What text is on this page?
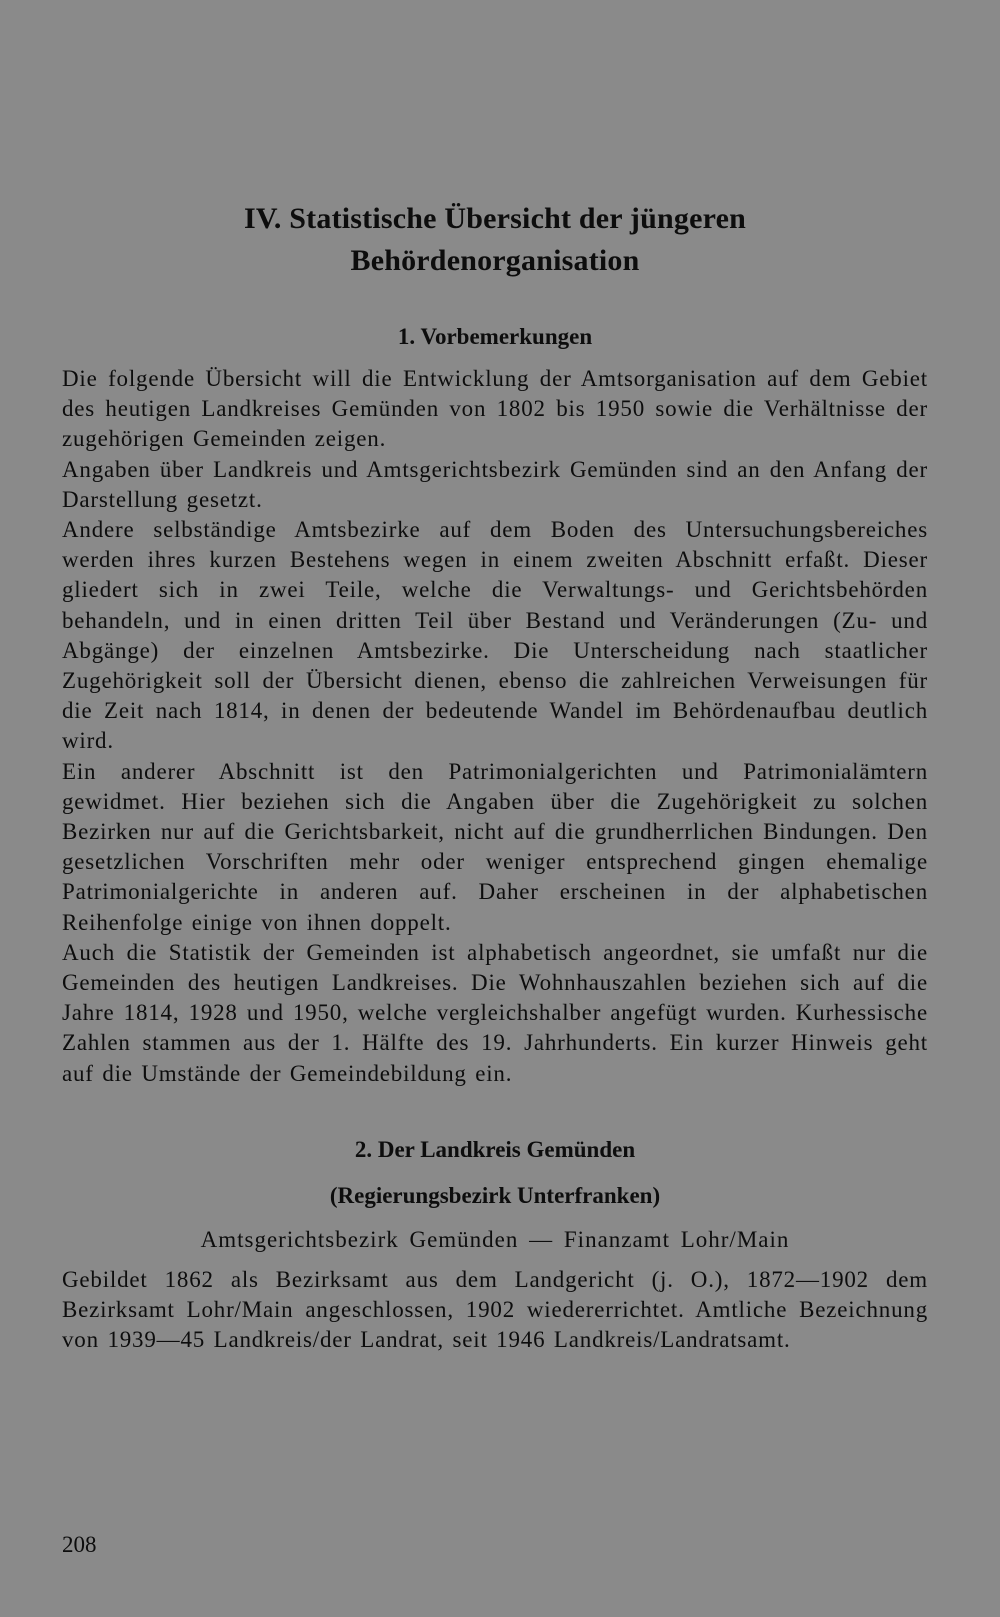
IV. Statistische Übersicht der jüngeren
Behördenorganisation
1. Vorbemerkungen

Die folgende Übersicht will die Entwicklung der Amtsorganisation auf dem Gebiet des heutigen Landkreises Gemünden von 1802 bis 1950 sowie die Verhältnisse der zugehörigen Gemeinden zeigen.

Angaben über Landkreis und Amtsgerichtsbezirk Gemünden sind an den Anfang der Darstellung gesetzt.

Andere selbständige Amtsbezirke auf dem Boden des Untersuchungsbereiches werden ihres kurzen Bestehens wegen in einem zweiten Abschnitt erfaßt. Dieser gliedert sich in zwei Teile, welche die Verwaltungs- und Gerichtsbehörden behandeln, und in einen dritten Teil über Bestand und Veränderungen (Zu- und Abgänge) der einzelnen Amtsbezirke. Die Unterscheidung nach staatlicher Zugehörigkeit soll der Übersicht dienen, ebenso die zahlreichen Verweisungen für die Zeit nach 1814, in denen der bedeutende Wandel im Behördenaufbau deutlich wird.

Ein anderer Abschnitt ist den Patrimonialgerichten und Patrimonialämtern gewidmet. Hier beziehen sich die Angaben über die Zugehörigkeit zu solchen Bezirken nur auf die Gerichtsbarkeit, nicht auf die grundherrlichen Bindungen. Den gesetzlichen Vorschriften mehr oder weniger entsprechend gingen ehemalige Patrimonialgerichte in anderen auf. Daher erscheinen in der alphabetischen Reihenfolge einige von ihnen doppelt.

Auch die Statistik der Gemeinden ist alphabetisch angeordnet, sie umfaßt nur die Gemeinden des heutigen Landkreises. Die Wohnhauszahlen beziehen sich auf die Jahre 1814, 1928 und 1950, welche vergleichshalber angefügt wurden. Kurhessische Zahlen stammen aus der 1. Hälfte des 19. Jahrhunderts. Ein kurzer Hinweis geht auf die Umstände der Gemeindebildung ein.

2. Der Landkreis Gemünden
(Regierungsbezirk Unterfranken)
Amtsgerichtsbezirk Gemünden — Finanzamt Lohr/Main

Gebildet 1862 als Bezirksamt aus dem Landgericht (j. O.), 1872—1902 dem Bezirksamt Lohr/Main angeschlossen, 1902 wiedererrichtet. Amtliche Bezeichnung von 1939—45 Landkreis/der Landrat, seit 1946 Landkreis/Landratsamt.

208
